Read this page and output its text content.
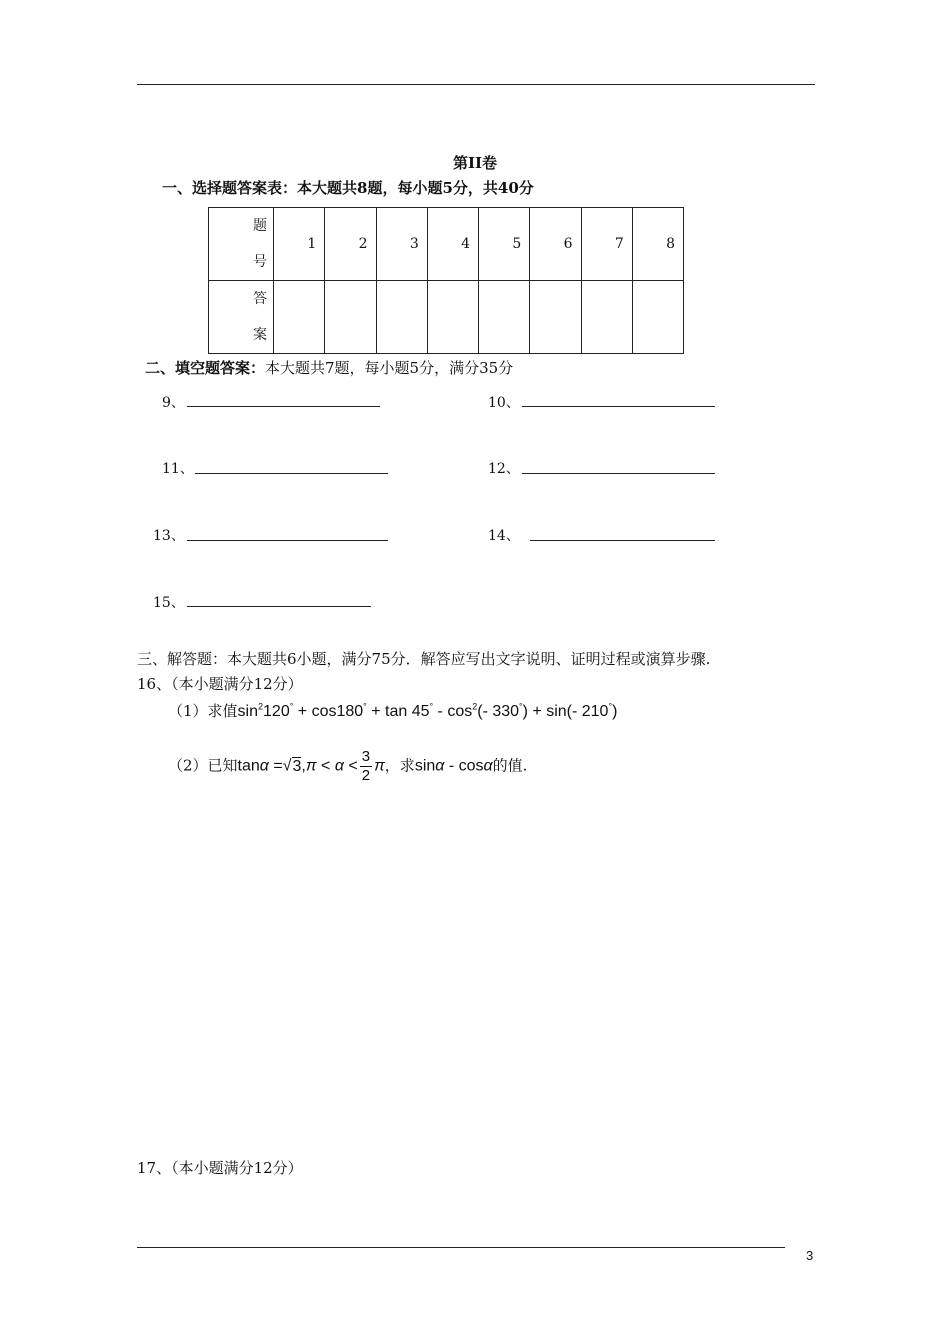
第II卷
一、选择题答案表：本大题共8题，每小题5分，共40分
题
号	1	2	3	4	5	6	7	8

答
案								

二、填空题答案：本大题共7题，每小题5分，满分35分
9、	10、
11、	12、
13、	14、
15、
三、解答题：本大题共6小题，满分75分．解答应写出文字说明、证明过程或演算步骤.
16、（本小题满分12分）
（1）求值$\sin^2120^\circ + \cos 180^\circ + \tan 45^\circ - \cos^2(-$ 330°) + sin(- 210°)
（2）已知$\tan\alpha =√3,\pi < \alpha < \frac{3}{2}$ π，求sinα - cosα的值.
17、（本小题满分12分）
3
